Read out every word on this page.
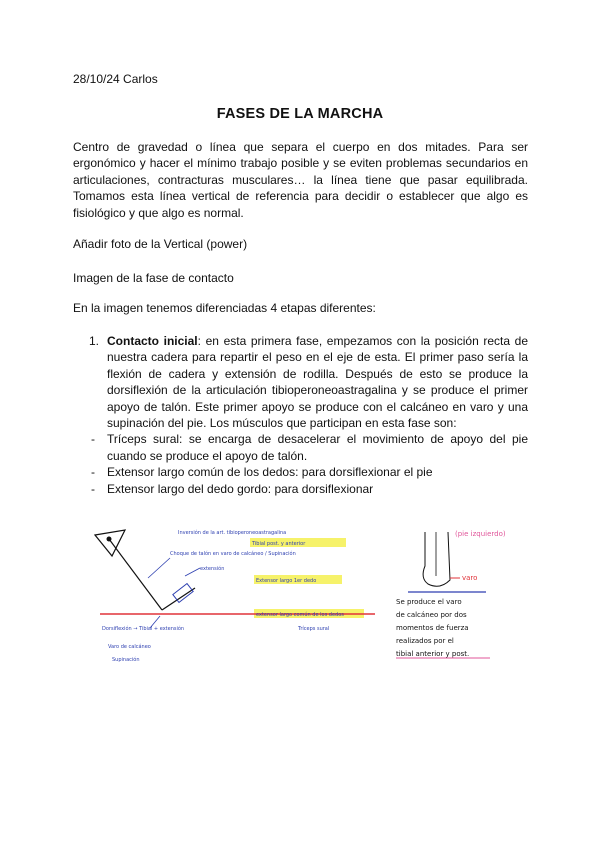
28/10/24 Carlos
FASES DE LA MARCHA
Centro de gravedad o línea que separa el cuerpo en dos mitades. Para ser ergonómico y hacer el mínimo trabajo posible y se eviten problemas secundarios en articulaciones, contracturas musculares… la línea tiene que pasar equilibrada. Tomamos esta línea vertical de referencia para decidir o establecer que algo es fisiológico y que algo es normal.
Añadir foto de la Vertical (power)
Imagen de la fase de contacto
En la imagen tenemos diferenciadas 4 etapas diferentes:
1. Contacto inicial: en esta primera fase, empezamos con la posición recta de nuestra cadera para repartir el peso en el eje de esta. El primer paso sería la flexión de cadera y extensión de rodilla. Después de esto se produce la dorsiflexión de la articulación tibioperoneoastragalina y se produce el primer apoyo de talón. Este primer apoyo se produce con el calcáneo en varo y una supinación del pie. Los músculos que participan en esta fase son:
- Tríceps sural: se encarga de desacelerar el movimiento de apoyo del pie cuando se produce el apoyo de talón.
- Extensor largo común de los dedos: para dorsiflexionar el pie
- Extensor largo del dedo gordo: para dorsiflexionar
Inversión de la art. tibioperoneoastragalina
Tibial post. y anterior
Choque de talón en varo de calcáneo / Supinación
extensión
Extensor largo 1er dedo
Dorsiflexión → Tibial + extensión	Tríceps sural
extensor largo común de los dedos
Varo de calcáneo
Supinación
(pie izquierdo)
varo
Se produce el varo
de calcáneo por dos
momentos de fuerza
realizados por el
tibial anterior y post.
